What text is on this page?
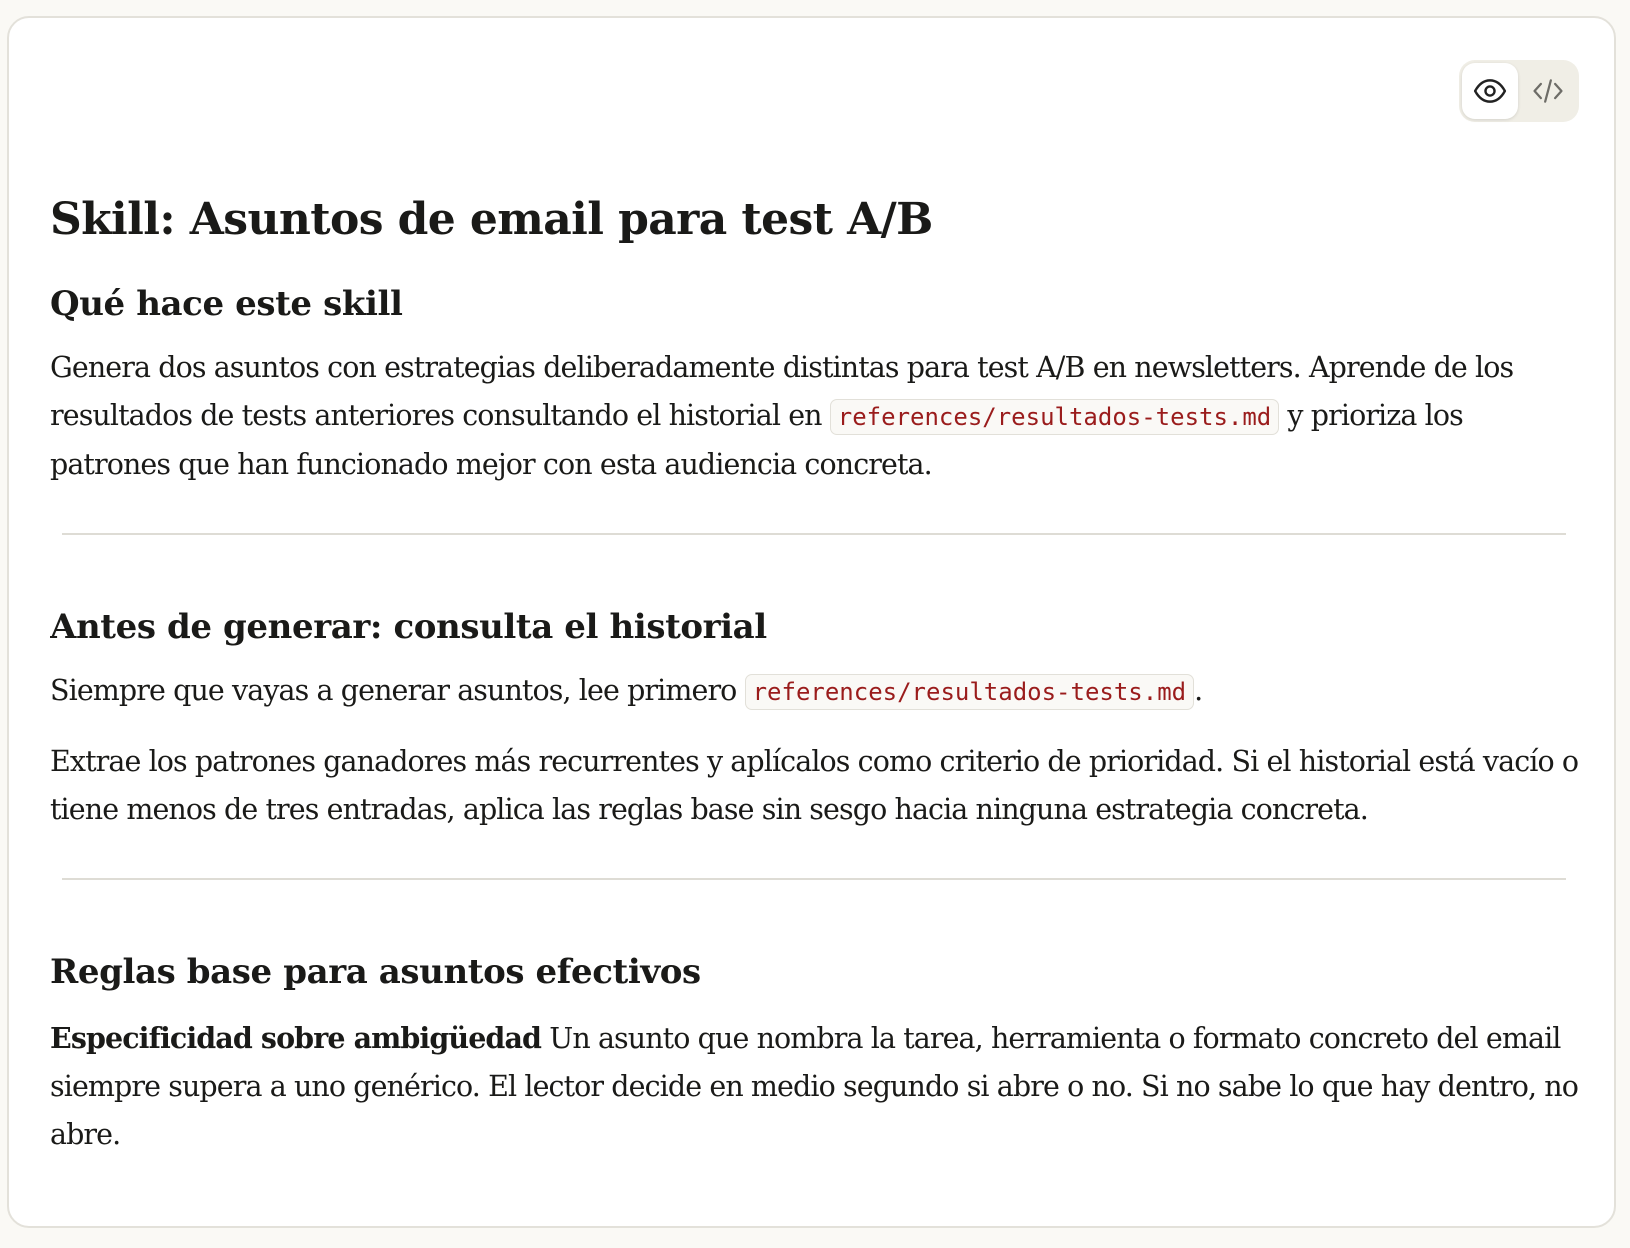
Skill: Asuntos de email para test A/B
Qué hace este skill

Genera dos asuntos con estrategias deliberadamente distintas para test A/B en newsletters. Aprende de los resultados de tests anteriores consultando el historial en references/resultados-tests.md y prioriza los patrones que han funcionado mejor con esta audiencia concreta.

Antes de generar: consulta el historial

Siempre que vayas a generar asuntos, lee primero references/resultados-tests.md .

Extrae los patrones ganadores más recurrentes y aplícalos como criterio de prioridad. Si el historial está vacío o tiene menos de tres entradas, aplica las reglas base sin sesgo hacia ninguna estrategia concreta.

Reglas base para asuntos efectivos

Especificidad sobre ambigüedad Un asunto que nombra la tarea, herramienta o formato concreto del email siempre supera a uno genérico. El lector decide en medio segundo si abre o no. Si no sabe lo que hay dentro, no abre.
